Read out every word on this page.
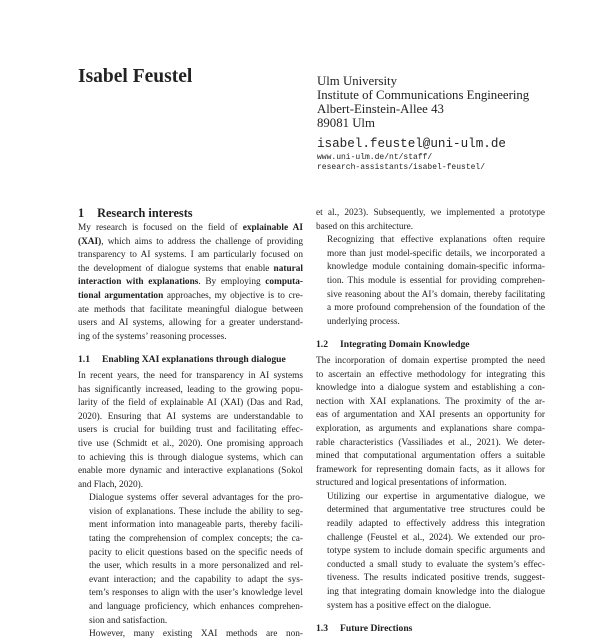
Isabel Feustel	Ulm University
Institute of Communications Engineering
Albert-Einstein-Allee 43
89081 Ulm
isabel.feustel@uni-ulm.de
www.uni-ulm.de/nt/staff/
research-assistants/isabel-feustel/
1 Research interests

My research is focused on the field of explainable AI
(XAI), which aims to address the challenge of providing
transparency to AI systems. I am particularly focused on
the development of dialogue systems that enable natural
interaction with explanations. By employing computa-
tional argumentation approaches, my objective is to cre-
ate methods that facilitate meaningful dialogue between
users and AI systems, allowing for a greater understand-
ing of the systems’ reasoning processes.

1.1 Enabling XAI explanations through dialogue

In recent years, the need for transparency in AI systems
has significantly increased, leading to the growing popu-
larity of the field of explainable AI (XAI) (Das and Rad,
2020). Ensuring that AI systems are understandable to
users is crucial for building trust and facilitating effec-
tive use (Schmidt et al., 2020). One promising approach
to achieving this is through dialogue systems, which can
enable more dynamic and interactive explanations (Sokol
and Flach, 2020).

Dialogue systems offer several advantages for the pro-
vision of explanations. These include the ability to seg-
ment information into manageable parts, thereby facili-
tating the comprehension of complex concepts; the ca-
pacity to elicit questions based on the specific needs of
the user, which results in a more personalized and rel-
evant interaction; and the capability to adapt the sys-
tem’s responses to align with the user’s knowledge level
and language proficiency, which enhances comprehen-
sion and satisfaction.

However, many existing XAI methods are non-

et al., 2023). Subsequently, we implemented a prototype
based on this architecture.

Recognizing that effective explanations often require
more than just model-specific details, we incorporated a
knowledge module containing domain-specific informa-
tion. This module is essential for providing comprehen-
sive reasoning about the AI’s domain, thereby facilitating
a more profound comprehension of the foundation of the
underlying process.

1.2 Integrating Domain Knowledge

The incorporation of domain expertise prompted the need
to ascertain an effective methodology for integrating this
knowledge into a dialogue system and establishing a con-
nection with XAI explanations. The proximity of the ar-
eas of argumentation and XAI presents an opportunity for
exploration, as arguments and explanations share compa-
rable characteristics (Vassiliades et al., 2021). We deter-
mined that computational argumentation offers a suitable
framework for representing domain facts, as it allows for
structured and logical presentations of information.

Utilizing our expertise in argumentative dialogue, we
determined that argumentative tree structures could be
readily adapted to effectively address this integration
challenge (Feustel et al., 2024). We extended our pro-
totype system to include domain specific arguments and
conducted a small study to evaluate the system’s effec-
tiveness. The results indicated positive trends, suggest-
ing that integrating domain knowledge into the dialogue
system has a positive effect on the dialogue.

1.3 Future Directions
